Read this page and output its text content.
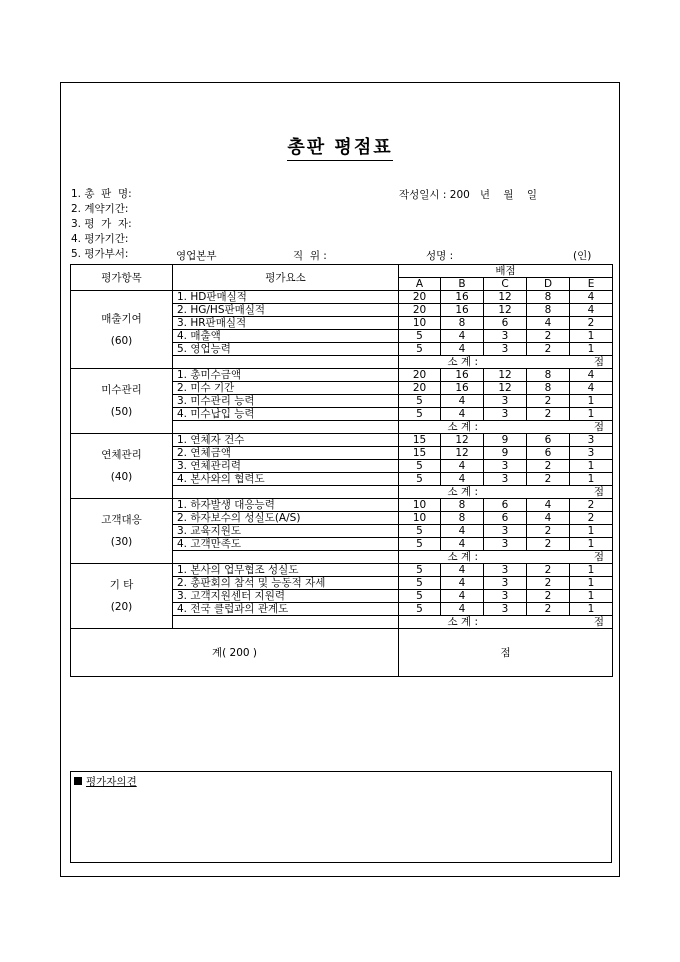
총판 평점표
1. 총  판  명:
2. 계약기간:
3. 평  가  자:
4. 평가기간:
5. 평가부서:
작성일시 : 200   년    월    일
영업본부	직  위 :	성명 :	(인)
평가항목	평가요소	배점				
		A	B	C	D	E

매출기여
(60)	1. HD판매실적	20	16	12	8	4
	2. HG/HS판매실적	20	16	12	8	4
	3. HR판매실적	10	8	6	4	2
	4. 매출액	5	4	3	2	1
	5. 영업능력	5	4	3	2	1
		소 계 :			점	

미수관리
(50)	1. 총미수금액	20	16	12	8	4
	2. 미수 기간	20	16	12	8	4
	3. 미수관리 능력	5	4	3	2	1
	4. 미수납입 능력	5	4	3	2	1
		소 계 :			점	

연체관리
(40)	1. 연체자 건수	15	12	9	6	3
	2. 연체금액	15	12	9	6	3
	3. 연체관리력	5	4	3	2	1
	4. 본사와의 협력도	5	4	3	2	1
		소 계 :			점	

고객대응
(30)	1. 하자발생 대응능력	10	8	6	4	2
	2. 하자보수의 성실도(A/S)	10	8	6	4	2
	3. 교육지원도	5	4	3	2	1
	4. 고객만족도	5	4	3	2	1
		소 계 :			점	

기 타
(20)	1. 본사의 업무협조 성실도	5	4	3	2	1
	2. 총판회의 참석 및 능동적 자세	5	4	3	2	1
	3. 고객지원센터 지원력	5	4	3	2	1
	4. 전국 클럽과의 관계도	5	4	3	2	1
		소 계 :			점	
계( 200 )		점				
평가자의견
